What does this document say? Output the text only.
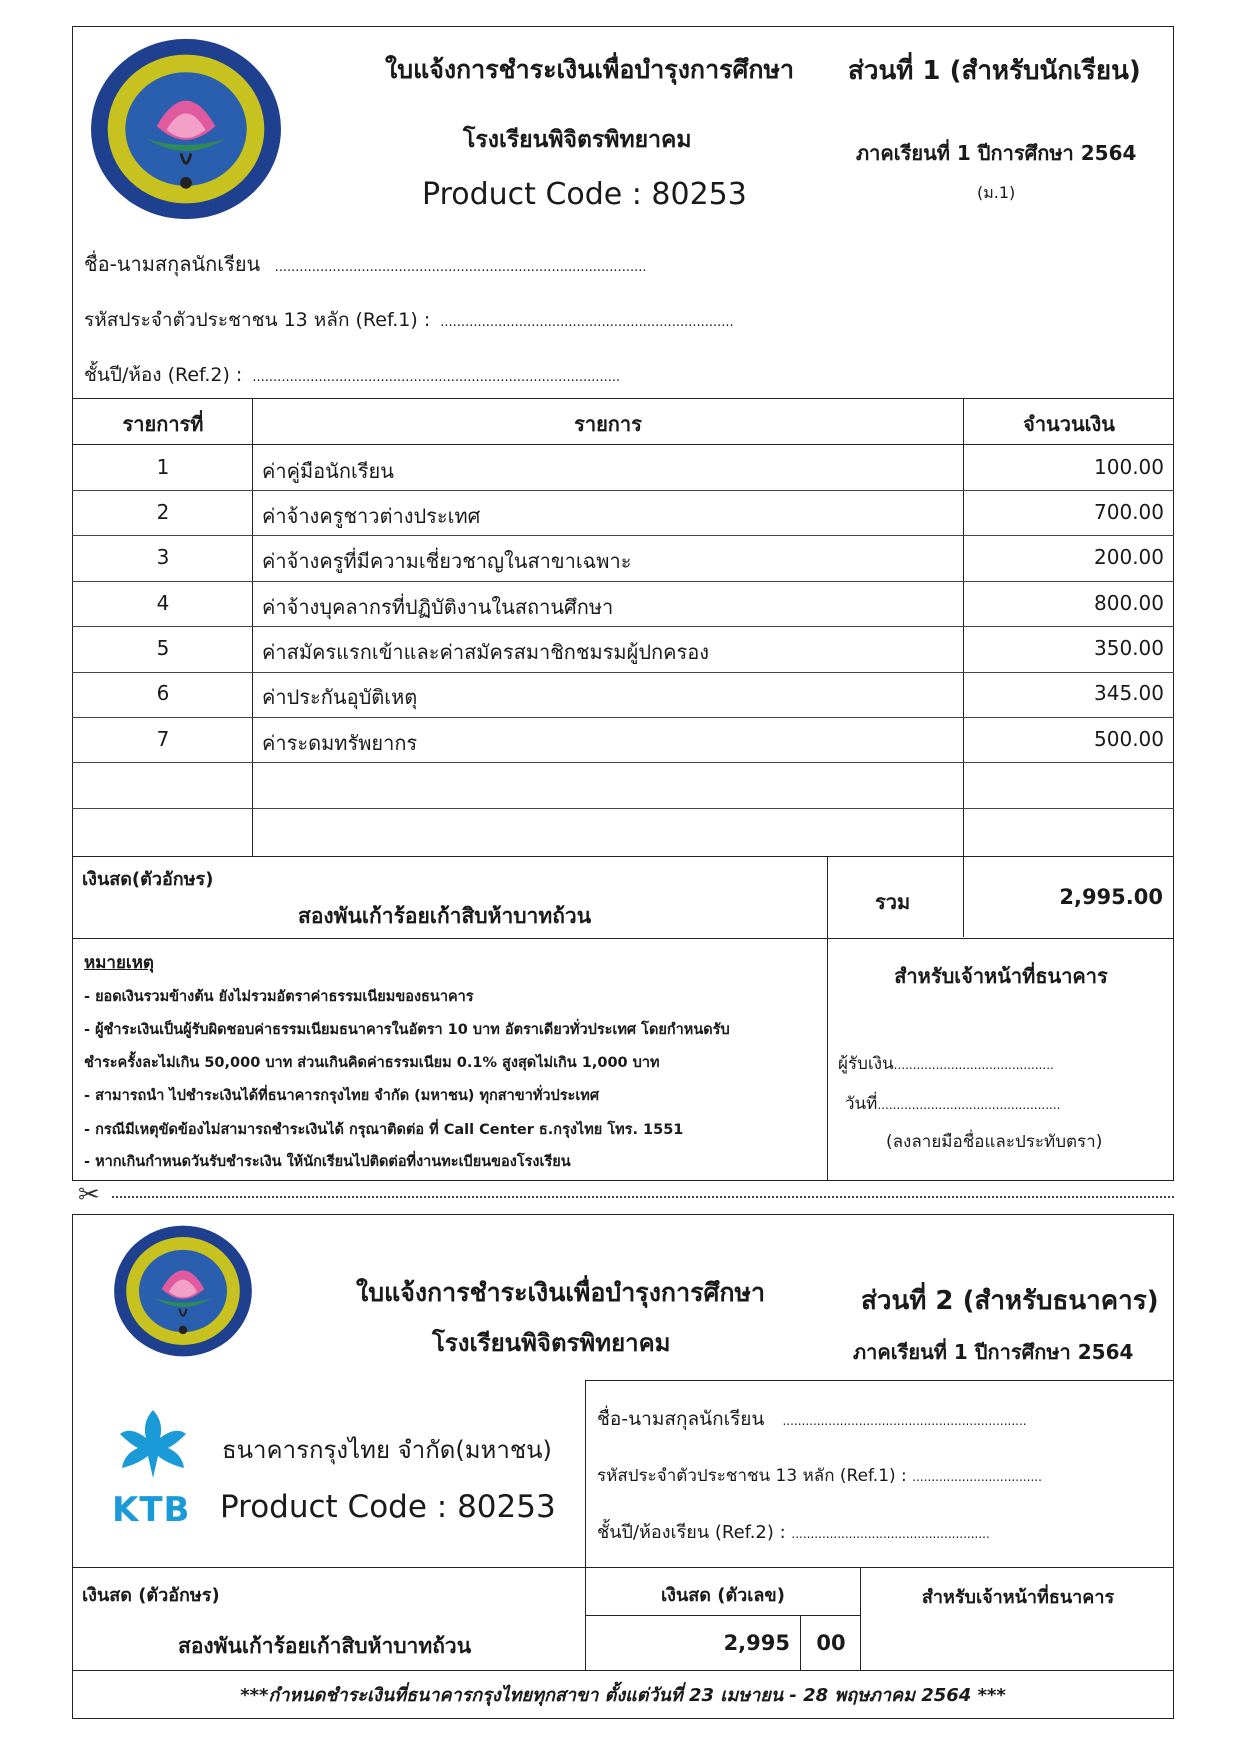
ใบแจ้งการชำระเงินเพื่อบำรุงการศึกษา
โรงเรียนพิจิตรพิทยาคม
Product Code : 80253
ส่วนที่ 1 (สำหรับนักเรียน)
ภาคเรียนที่ 1 ปีการศึกษา 2564
(ม.1)
ชื่อ-นามสกุลนักเรียน ..........................................................................................
รหัสประจำตัวประชาชน 13 หลัก (Ref.1) : .......................................................................
ชั้นปี/ห้อง (Ref.2) : .........................................................................................
รายการที่	รายการ	จำนวนเงิน
1	ค่าคู่มือนักเรียน	100.00
2	ค่าจ้างครูชาวต่างประเทศ	700.00
3	ค่าจ้างครูที่มีความเชี่ยวชาญในสาขาเฉพาะ	200.00
4	ค่าจ้างบุคลากรที่ปฏิบัติงานในสถานศึกษา	800.00
5	ค่าสมัครแรกเข้าและค่าสมัครสมาชิกชมรมผู้ปกครอง	350.00
6	ค่าประกันอุบัติเหตุ	345.00
7	ค่าระดมทรัพยากร	500.00
เงินสด(ตัวอักษร)
สองพันเก้าร้อยเก้าสิบห้าบาทถ้วน
รวม	2,995.00
หมายเหตุ
- ยอดเงินรวมข้างต้น ยังไม่รวมอัตราค่าธรรมเนียมของธนาคาร
- ผู้ชำระเงินเป็นผู้รับผิดชอบค่าธรรมเนียมธนาคารในอัตรา 10 บาท อัตราเดียวทั่วประเทศ โดยกำหนดรับ
ชำระครั้งละไม่เกิน 50,000 บาท ส่วนเกินคิดค่าธรรมเนียม 0.1% สูงสุดไม่เกิน 1,000 บาท
- สามารถนำ ไปชำระเงินได้ที่ธนาคารกรุงไทย จำกัด (มหาชน) ทุกสาขาทั่วประเทศ
- กรณีมีเหตุขัดข้องไม่สามารถชำระเงินได้ กรุณาติดต่อ ที่ Call Center ธ.กรุงไทย โทร. 1551
- หากเกินกำหนดวันรับชำระเงิน ให้นักเรียนไปติดต่อที่งานทะเบียนของโรงเรียน
สำหรับเจ้าหน้าที่ธนาคาร
ผู้รับเงิน..........................................
วันที่................................................
(ลงลายมือชื่อและประทับตรา)
✂
ใบแจ้งการชำระเงินเพื่อบำรุงการศึกษา
โรงเรียนพิจิตรพิทยาคม
ส่วนที่ 2 (สำหรับธนาคาร)
ภาคเรียนที่ 1 ปีการศึกษา 2564
KTB
ธนาคารกรุงไทย จำกัด(มหาชน)
Product Code : 80253
ชื่อ-นามสกุลนักเรียน ................................................................
รหัสประจำตัวประชาชน 13 หลัก (Ref.1) : ..................................
ชั้นปี/ห้องเรียน (Ref.2) : ....................................................
เงินสด (ตัวอักษร)
สองพันเก้าร้อยเก้าสิบห้าบาทถ้วน
เงินสด (ตัวเลข)
2,995	00
สำหรับเจ้าหน้าที่ธนาคาร
***กำหนดชำระเงินที่ธนาคารกรุงไทยทุกสาขา ตั้งแต่วันที่ 23 เมษายน - 28 พฤษภาคม 2564 ***
